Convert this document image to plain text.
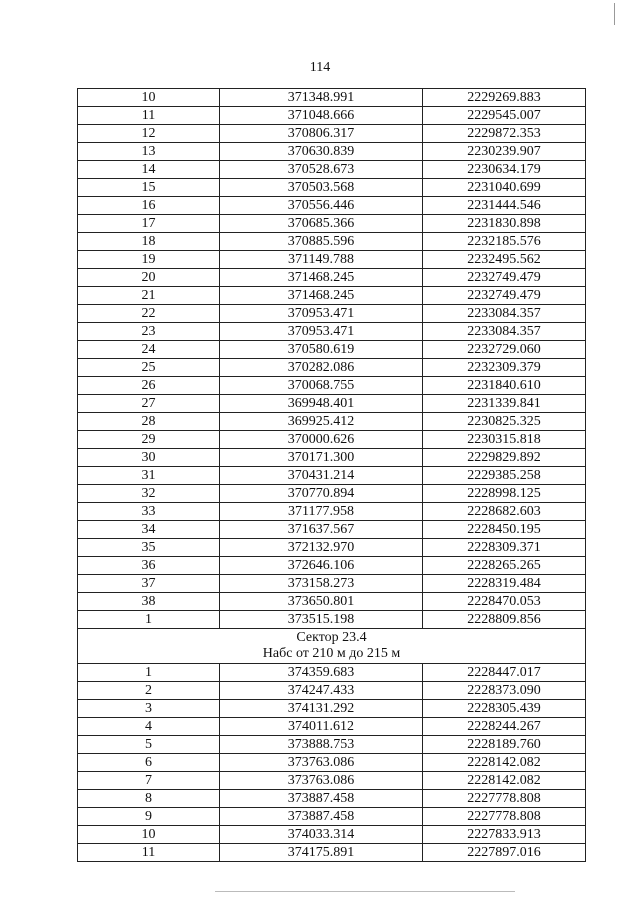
114
10	371348.991	2229269.883
11	371048.666	2229545.007
12	370806.317	2229872.353
13	370630.839	2230239.907
14	370528.673	2230634.179
15	370503.568	2231040.699
16	370556.446	2231444.546
17	370685.366	2231830.898
18	370885.596	2232185.576
19	371149.788	2232495.562
20	371468.245	2232749.479
21	371468.245	2232749.479
22	370953.471	2233084.357
23	370953.471	2233084.357
24	370580.619	2232729.060
25	370282.086	2232309.379
26	370068.755	2231840.610
27	369948.401	2231339.841
28	369925.412	2230825.325
29	370000.626	2230315.818
30	370171.300	2229829.892
31	370431.214	2229385.258
32	370770.894	2228998.125
33	371177.958	2228682.603
34	371637.567	2228450.195
35	372132.970	2228309.371
36	372646.106	2228265.265
37	373158.273	2228319.484
38	373650.801	2228470.053
1	373515.198	2228809.856

Сектор 23.4
Набс от 210 м до 215 м		

1	374359.683	2228447.017
2	374247.433	2228373.090
3	374131.292	2228305.439
4	374011.612	2228244.267
5	373888.753	2228189.760
6	373763.086	2228142.082
7	373763.086	2228142.082
8	373887.458	2227778.808
9	373887.458	2227778.808
10	374033.314	2227833.913
11	374175.891	2227897.016
